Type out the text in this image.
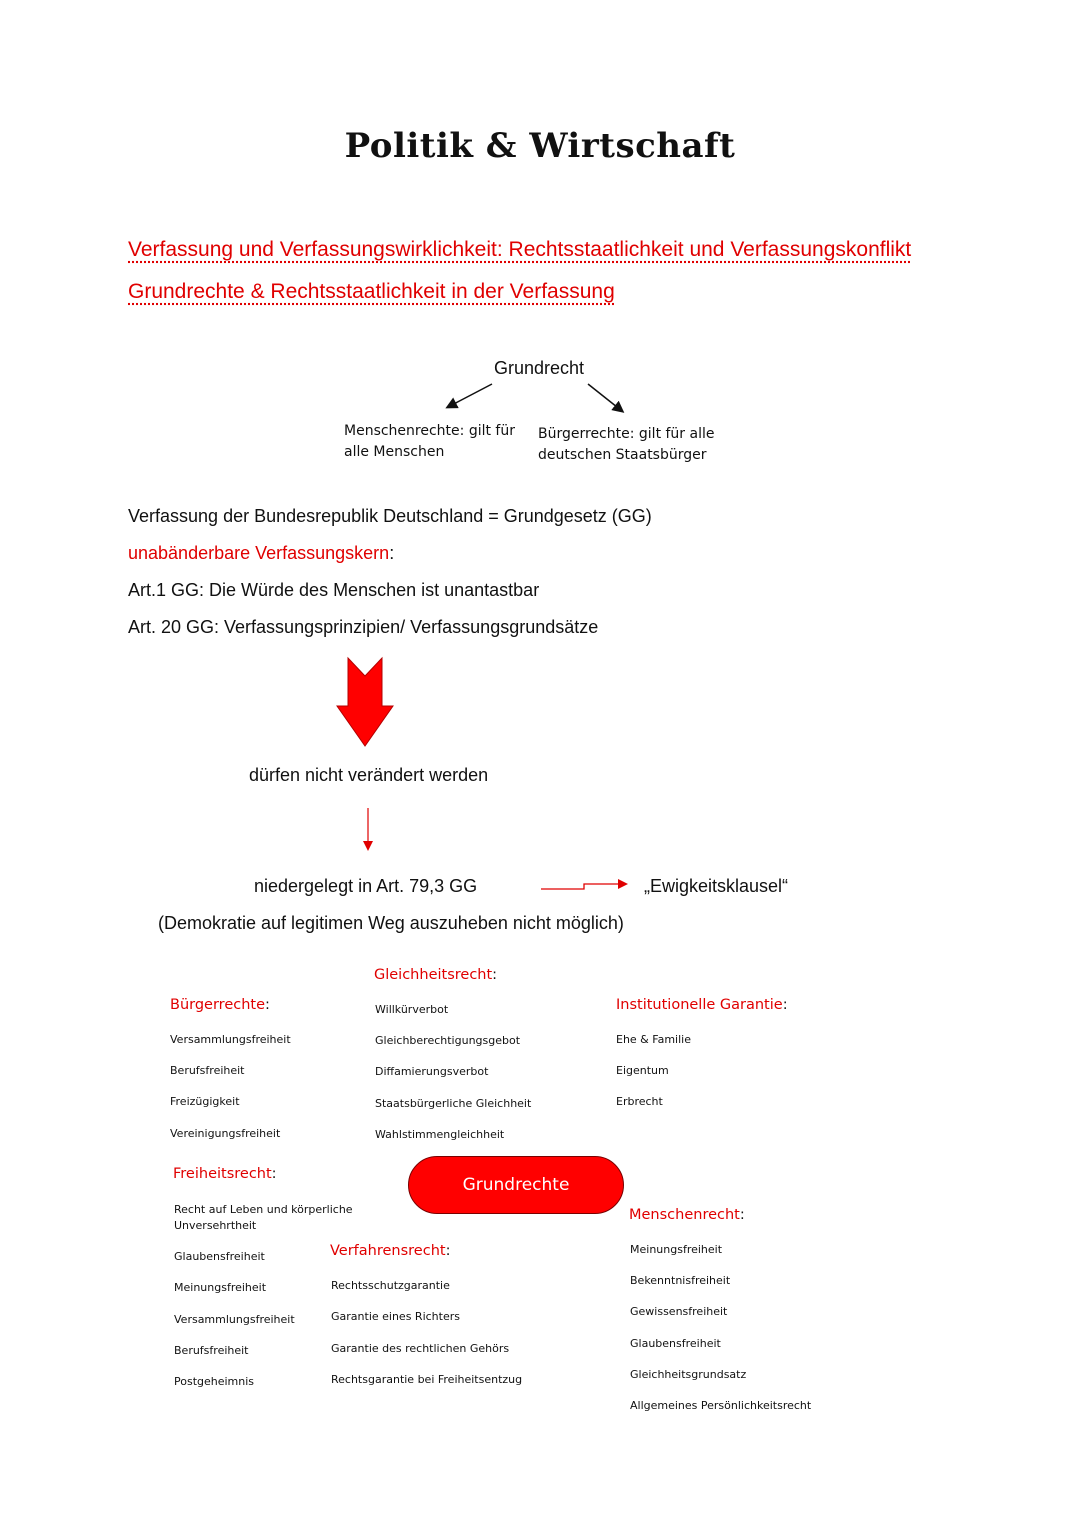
Politik & Wirtschaft
Verfassung und Verfassungswirklichkeit: Rechtsstaatlichkeit und Verfassungskonflikt
Grundrechte & Rechtsstaatlichkeit in der Verfassung
Grundrecht
Menschenrechte: gilt für
alle Menschen
Bürgerrechte: gilt für alle
deutschen Staatsbürger
Verfassung der Bundesrepublik Deutschland = Grundgesetz (GG)
unabänderbare Verfassungskern:
Art.1 GG: Die Würde des Menschen ist unantastbar
Art. 20 GG: Verfassungsprinzipien/ Verfassungsgrundsätze
dürfen nicht verändert werden
niedergelegt in Art. 79,3 GG	„Ewigkeitsklausel“
(Demokratie auf legitimen Weg auszuheben nicht möglich)
Gleichheitsrecht:
Willkürverbot
Gleichberechtigungsgebot
Diffamierungsverbot
Staatsbürgerliche Gleichheit
Wahlstimmengleichheit
Bürgerrechte:
Versammlungsfreiheit
Berufsfreiheit
Freizügigkeit
Vereinigungsfreiheit
Institutionelle Garantie:
Ehe & Familie
Eigentum
Erbrecht
Freiheitsrecht:
Recht auf Leben und körperliche Unversehrtheit
Glaubensfreiheit
Meinungsfreiheit
Versammlungsfreiheit
Berufsfreiheit
Postgeheimnis
Grundrechte
Verfahrensrecht:
Rechtsschutzgarantie
Garantie eines Richters
Garantie des rechtlichen Gehörs
Rechtsgarantie bei Freiheitsentzug
Menschenrecht:
Meinungsfreiheit
Bekenntnisfreiheit
Gewissensfreiheit
Glaubensfreiheit
Gleichheitsgrundsatz
Allgemeines Persönlichkeitsrecht
